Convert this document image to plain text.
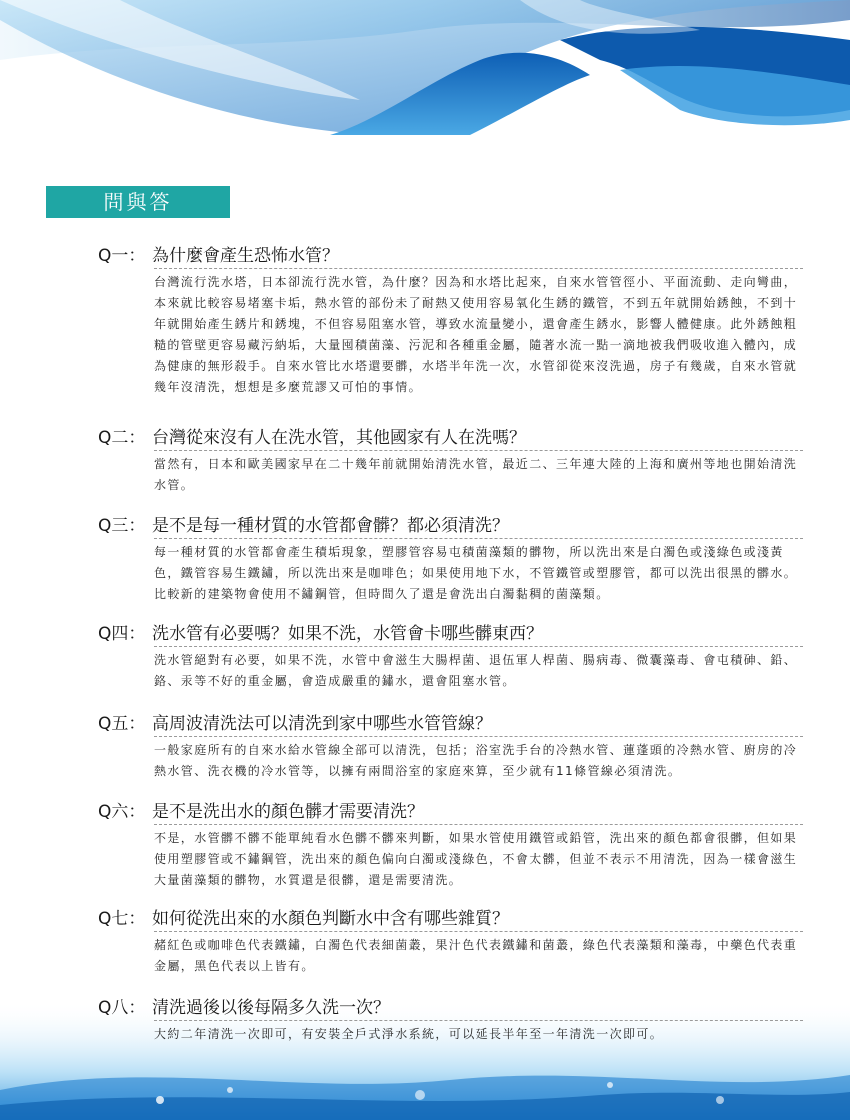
問與答
Q一： 為什麼會產生恐怖水管？
台灣流行洗水塔，日本卻流行洗水管，為什麼？因為和水塔比起來，自來水管管徑小、平面流動、走向彎曲，本來就比較容易堵塞卡垢，熱水管的部份未了耐熱又使用容易氧化生銹的鐵管，不到五年就開始銹蝕，不到十年就開始產生銹片和銹塊，不但容易阻塞水管，導致水流量變小，還會產生銹水，影響人體健康。此外銹蝕粗糙的管壁更容易藏污納垢，大量囤積菌藻、污泥和各種重金屬，隨著水流一點一滴地被我們吸收進入體內，成為健康的無形殺手。自來水管比水塔還要髒，水塔半年洗一次，水管卻從來沒洗過，房子有幾歲，自來水管就幾年沒清洗，想想是多麼荒謬又可怕的事情。
Q二： 台灣從來沒有人在洗水管，其他國家有人在洗嗎？
當然有，日本和歐美國家早在二十幾年前就開始清洗水管，最近二、三年連大陸的上海和廣州等地也開始清洗水管。
Q三： 是不是每一種材質的水管都會髒？都必須清洗？
每一種材質的水管都會產生積垢現象，塑膠管容易屯積菌藻類的髒物，所以洗出來是白濁色或淺綠色或淺黃色，鐵管容易生鐵鏽，所以洗出來是咖啡色；如果使用地下水，不管鐵管或塑膠管，都可以洗出很黑的髒水。比較新的建築物會使用不鏽鋼管，但時間久了還是會洗出白濁黏稠的菌藻類。
Q四： 洗水管有必要嗎？如果不洗，水管會卡哪些髒東西？
洗水管絕對有必要，如果不洗，水管中會滋生大腸桿菌、退伍軍人桿菌、腸病毒、微囊藻毒、會屯積砷、鉛、鉻、汞等不好的重金屬，會造成嚴重的鏽水，還會阻塞水管。
Q五： 高周波清洗法可以清洗到家中哪些水管管線？
一般家庭所有的自來水給水管線全部可以清洗，包括；浴室洗手台的冷熱水管、蓮蓬頭的冷熱水管、廚房的冷熱水管、洗衣機的冷水管等，以擁有兩間浴室的家庭來算，至少就有11條管線必須清洗。
Q六： 是不是洗出水的顏色髒才需要清洗？
不是，水管髒不髒不能單純看水色髒不髒來判斷，如果水管使用鐵管或鉛管，洗出來的顏色都會很髒，但如果使用塑膠管或不鏽鋼管，洗出來的顏色偏向白濁或淺綠色，不會太髒，但並不表示不用清洗，因為一樣會滋生大量菌藻類的髒物，水質還是很髒，還是需要清洗。
Q七： 如何從洗出來的水顏色判斷水中含有哪些雜質？
赭紅色或咖啡色代表鐵鏽，白濁色代表細菌叢，果汁色代表鐵鏽和菌叢，綠色代表藻類和藻毒，中藥色代表重金屬，黑色代表以上皆有。
Q八： 清洗過後以後每隔多久洗一次？
大約二年清洗一次即可，有安裝全戶式淨水系統，可以延長半年至一年清洗一次即可。
